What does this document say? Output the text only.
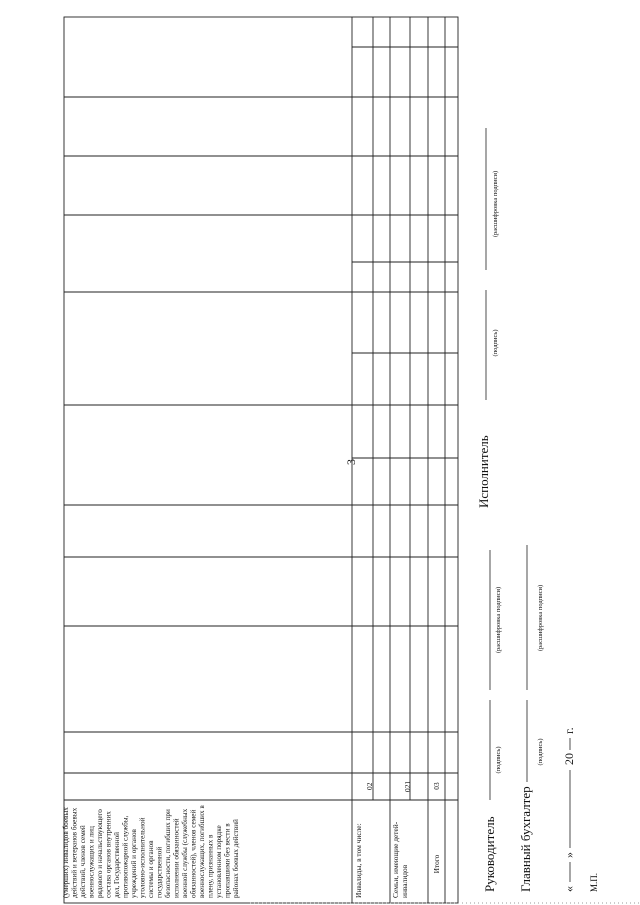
3
(умерших) инвалидов боевыхдействий и ветеранов боевыхдействий, членов семейвоеннослужащих и лицрядового и начальствующегосостава органов внутреннихдел, Государственнойпротивопожарной службы,учреждений и органовуголовно-исполнительнойсистемы и органовгосударственнойбезопасности, погибших приисполнении обязанностейвоенной службы (служебныхобязанностей), членов семейвоеннослужащих, погибших вплену, признанных вустановленном порядкепропавшими без вести врайонах боевых действий	Инвалиды, в том числе:
02
Семьи, имеющие детей- инвалидов
021
Итого
03
Руководитель
(подпись)
(расшифровка подписи)
Главный бухгалтер
(подпись)
(расшифровка подписи)
Исполнитель
(подпись)
(расшифровка подписи)
«
»
20
г.
М.П.
